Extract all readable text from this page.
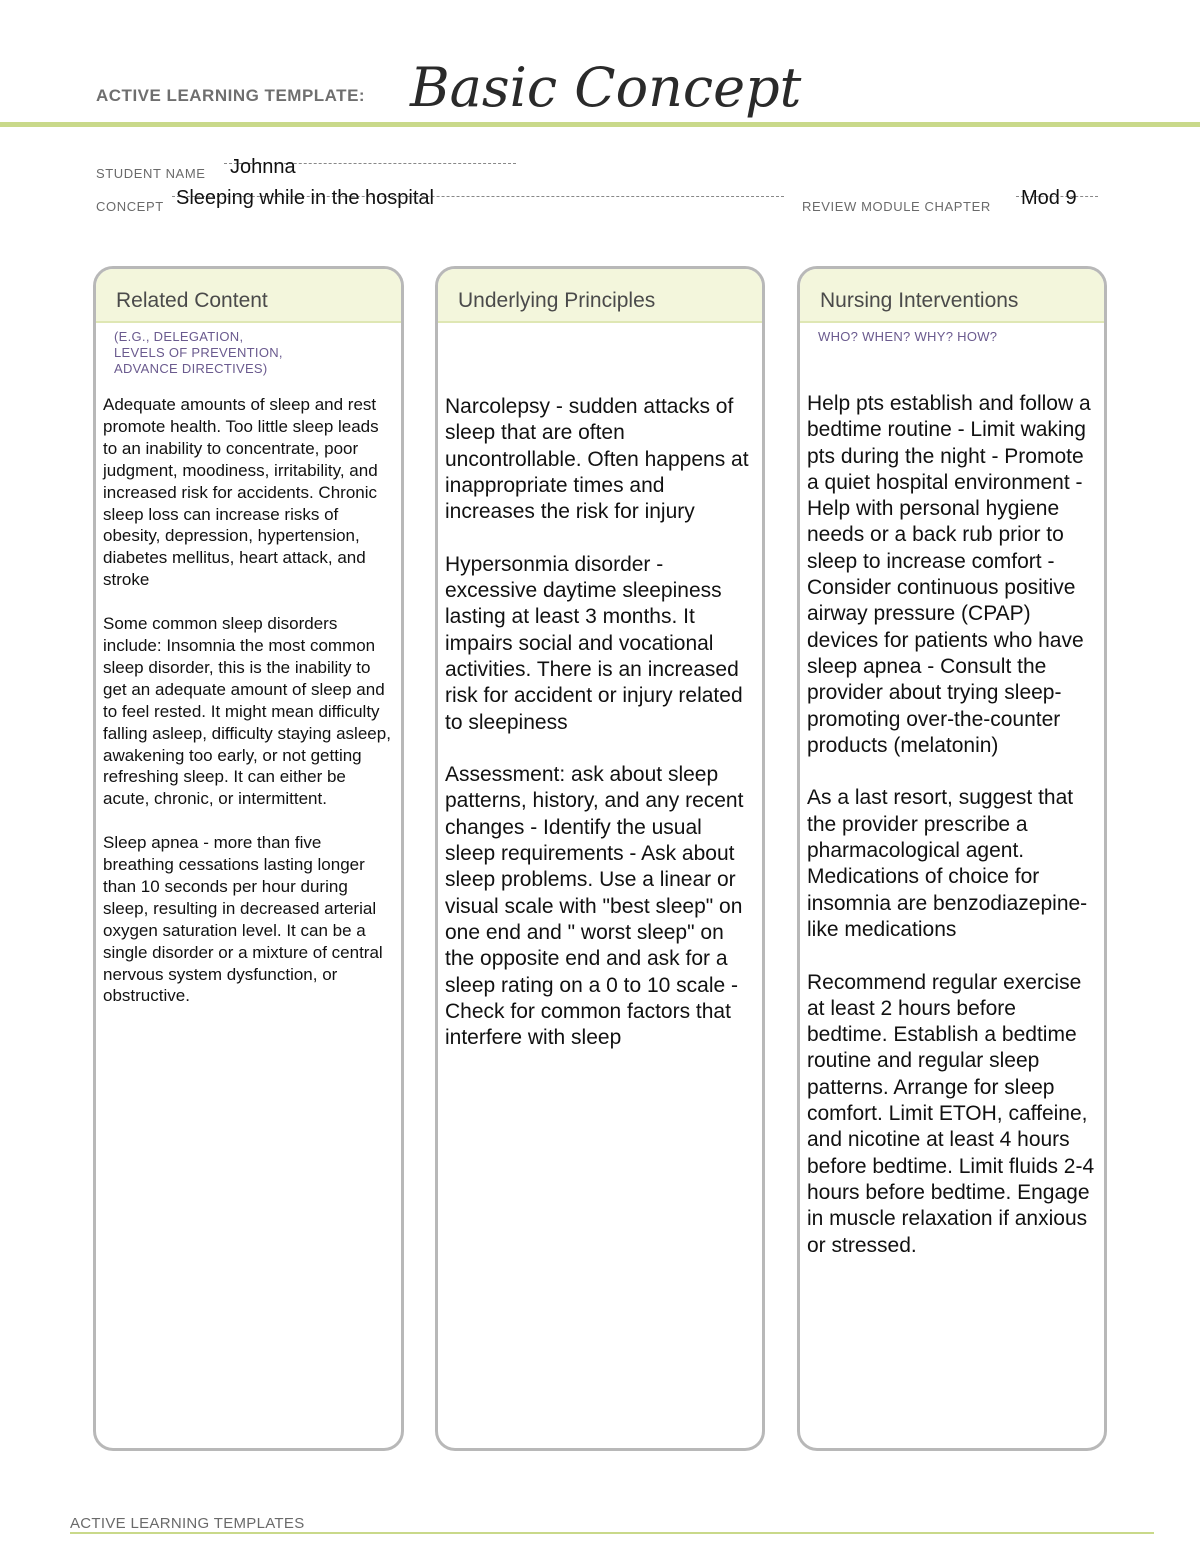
ACTIVE LEARNING TEMPLATE: Basic Concept
STUDENT NAME Johnna
CONCEPT Sleeping while in the hospital	REVIEW MODULE CHAPTER Mod 9
Related Content
(E.G., DELEGATION,
LEVELS OF PREVENTION,
ADVANCE DIRECTIVES)
Adequate amounts of sleep and rest promote health. Too little sleep leads to an inability to concentrate, poor judgment, moodiness, irritability, and increased risk for accidents. Chronic sleep loss can increase risks of obesity, depression, hypertension, diabetes mellitus, heart attack, and stroke

Some common sleep disorders include: Insomnia the most common sleep disorder, this is the inability to get an adequate amount of sleep and to feel rested. It might mean difficulty falling asleep, difficulty staying asleep, awakening too early, or not getting refreshing sleep. It can either be acute, chronic, or intermittent.

Sleep apnea - more than five breathing cessations lasting longer than 10 seconds per hour during sleep, resulting in decreased arterial oxygen saturation level. It can be a single disorder or a mixture of central nervous system dysfunction, or obstructive.
Underlying Principles
Narcolepsy - sudden attacks of sleep that are often uncontrollable. Often happens at inappropriate times and increases the risk for injury

Hypersonmia disorder - excessive daytime sleepiness lasting at least 3 months. It impairs social and vocational activities. There is an increased risk for accident or injury related to sleepiness

Assessment: ask about sleep patterns, history, and any recent changes - Identify the usual sleep requirements - Ask about sleep problems. Use a linear or visual scale with "best sleep" on one end and " worst sleep" on the opposite end and ask for a sleep rating on a 0 to 10 scale - Check for common factors that interfere with sleep
Nursing Interventions
WHO? WHEN? WHY? HOW?
Help pts establish and follow a bedtime routine - Limit waking pts during the night - Promote a quiet hospital environment - Help with personal hygiene needs or a back rub prior to sleep to increase comfort - Consider continuous positive airway pressure (CPAP) devices for patients who have sleep apnea - Consult the provider about trying sleep-promoting over-the-counter products (melatonin)

As a last resort, suggest that the provider prescribe a pharmacological agent. Medications of choice for insomnia are benzodiazepine-like medications

Recommend regular exercise at least 2 hours before bedtime. Establish a bedtime routine and regular sleep patterns. Arrange for sleep comfort. Limit ETOH, caffeine, and nicotine at least 4 hours before bedtime. Limit fluids 2-4 hours before bedtime. Engage in muscle relaxation if anxious or stressed.
ACTIVE LEARNING TEMPLATES
